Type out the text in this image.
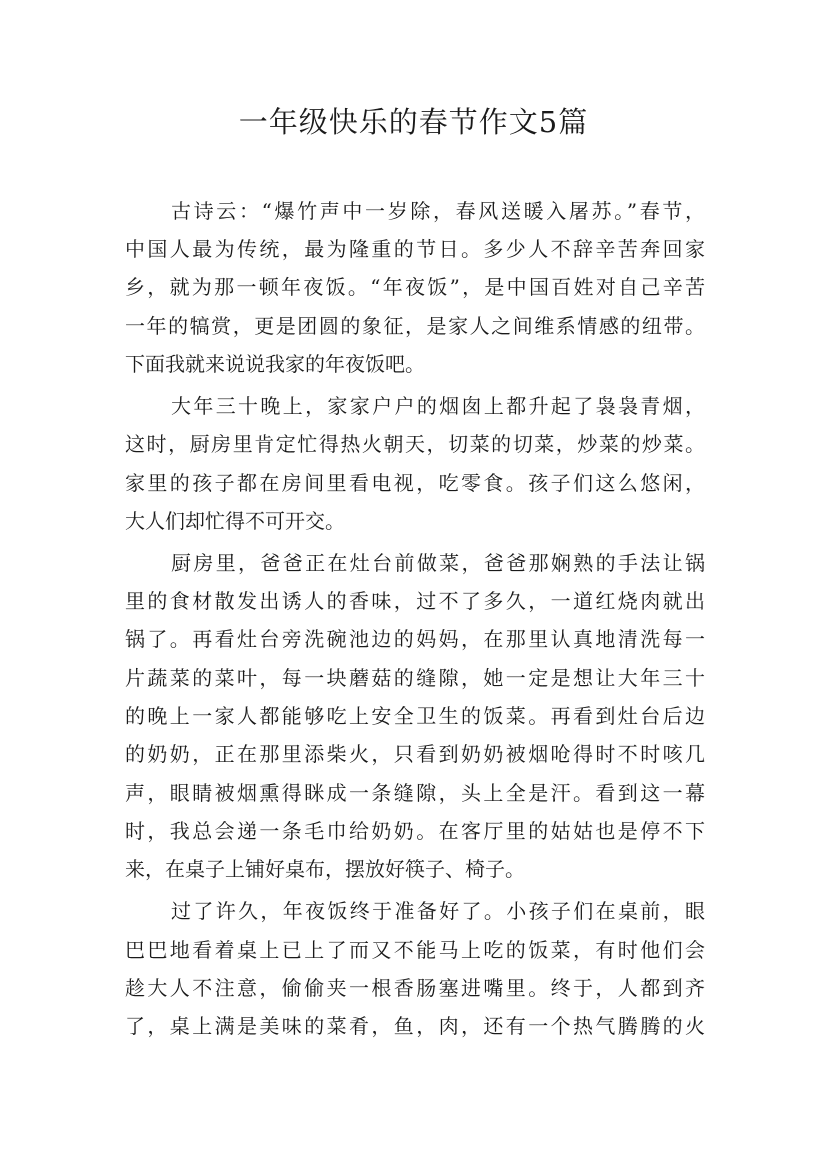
一年级快乐的春节作文5篇
古诗云：“爆竹声中一岁除，春风送暖入屠苏。”春节，
中国人最为传统，最为隆重的节日。多少人不辞辛苦奔回家
乡，就为那一顿年夜饭。“年夜饭”，是中国百姓对自己辛苦
一年的犒赏，更是团圆的象征，是家人之间维系情感的纽带。
下面我就来说说我家的年夜饭吧。
大年三十晚上，家家户户的烟囱上都升起了袅袅青烟，
这时，厨房里肯定忙得热火朝天，切菜的切菜，炒菜的炒菜。
家里的孩子都在房间里看电视，吃零食。孩子们这么悠闲，
大人们却忙得不可开交。
厨房里，爸爸正在灶台前做菜，爸爸那娴熟的手法让锅
里的食材散发出诱人的香味，过不了多久，一道红烧肉就出
锅了。再看灶台旁洗碗池边的妈妈，在那里认真地清洗每一
片蔬菜的菜叶，每一块蘑菇的缝隙，她一定是想让大年三十
的晚上一家人都能够吃上安全卫生的饭菜。再看到灶台后边
的奶奶，正在那里添柴火，只看到奶奶被烟呛得时不时咳几
声，眼睛被烟熏得眯成一条缝隙，头上全是汗。看到这一幕
时，我总会递一条毛巾给奶奶。在客厅里的姑姑也是停不下
来，在桌子上铺好桌布，摆放好筷子、椅子。
过了许久，年夜饭终于准备好了。小孩子们在桌前，眼
巴巴地看着桌上已上了而又不能马上吃的饭菜，有时他们会
趁大人不注意，偷偷夹一根香肠塞进嘴里。终于，人都到齐
了，桌上满是美味的菜肴，鱼，肉，还有一个热气腾腾的火
